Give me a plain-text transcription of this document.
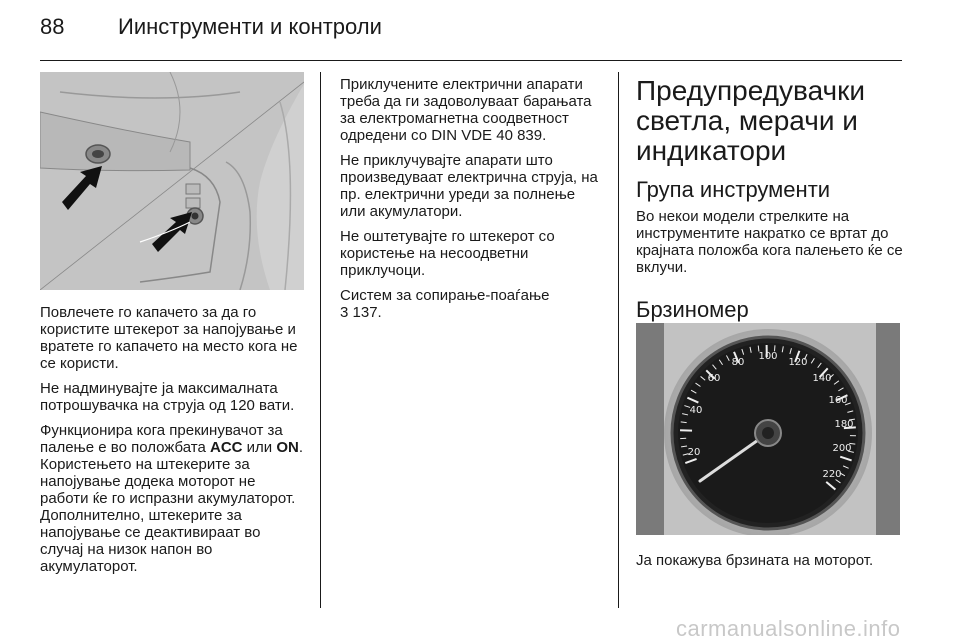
88 Иинструменти и контроли

Повлечете го капачето за да го користите штекерот за напојување и вратете го капачето на место кога не се користи.

Не надминувајте ја максималната потрошувачка на струја од 120 вати.

Функционира кога прекинувачот за палење е во положбата ACC или ON. Користењето на штекерите за напојување додека моторот не работи ќе го испразни акумулаторот. Дополнително, штекерите за напојување се деактивираат во случај на низок напон во акумулаторот.

Приклучените електрични апарати треба да ги задоволуваат барањата за електромагнетна соодветност одредени со DIN VDE 40 839.

Не приклучувајте апарати што произведуваат електрична струја, на пр. електрични уреди за полнење или акумулатори.

Не оштетувајте го штекерот со користење на несоодветни приклучоци.

Систем за сопирање-поаѓање
3 137.

Предупредувачки светла, мерачи и индикатори
Група инструменти

Во некои модели стрелките на инструментите накратко се вртат до крајната положба кога палењето ќе се вклучи.

Брзиномер
20
40
60
80
100
120
140
160
180
200
220
Ја покажува брзината на моторот.
carmanualsonline.info
